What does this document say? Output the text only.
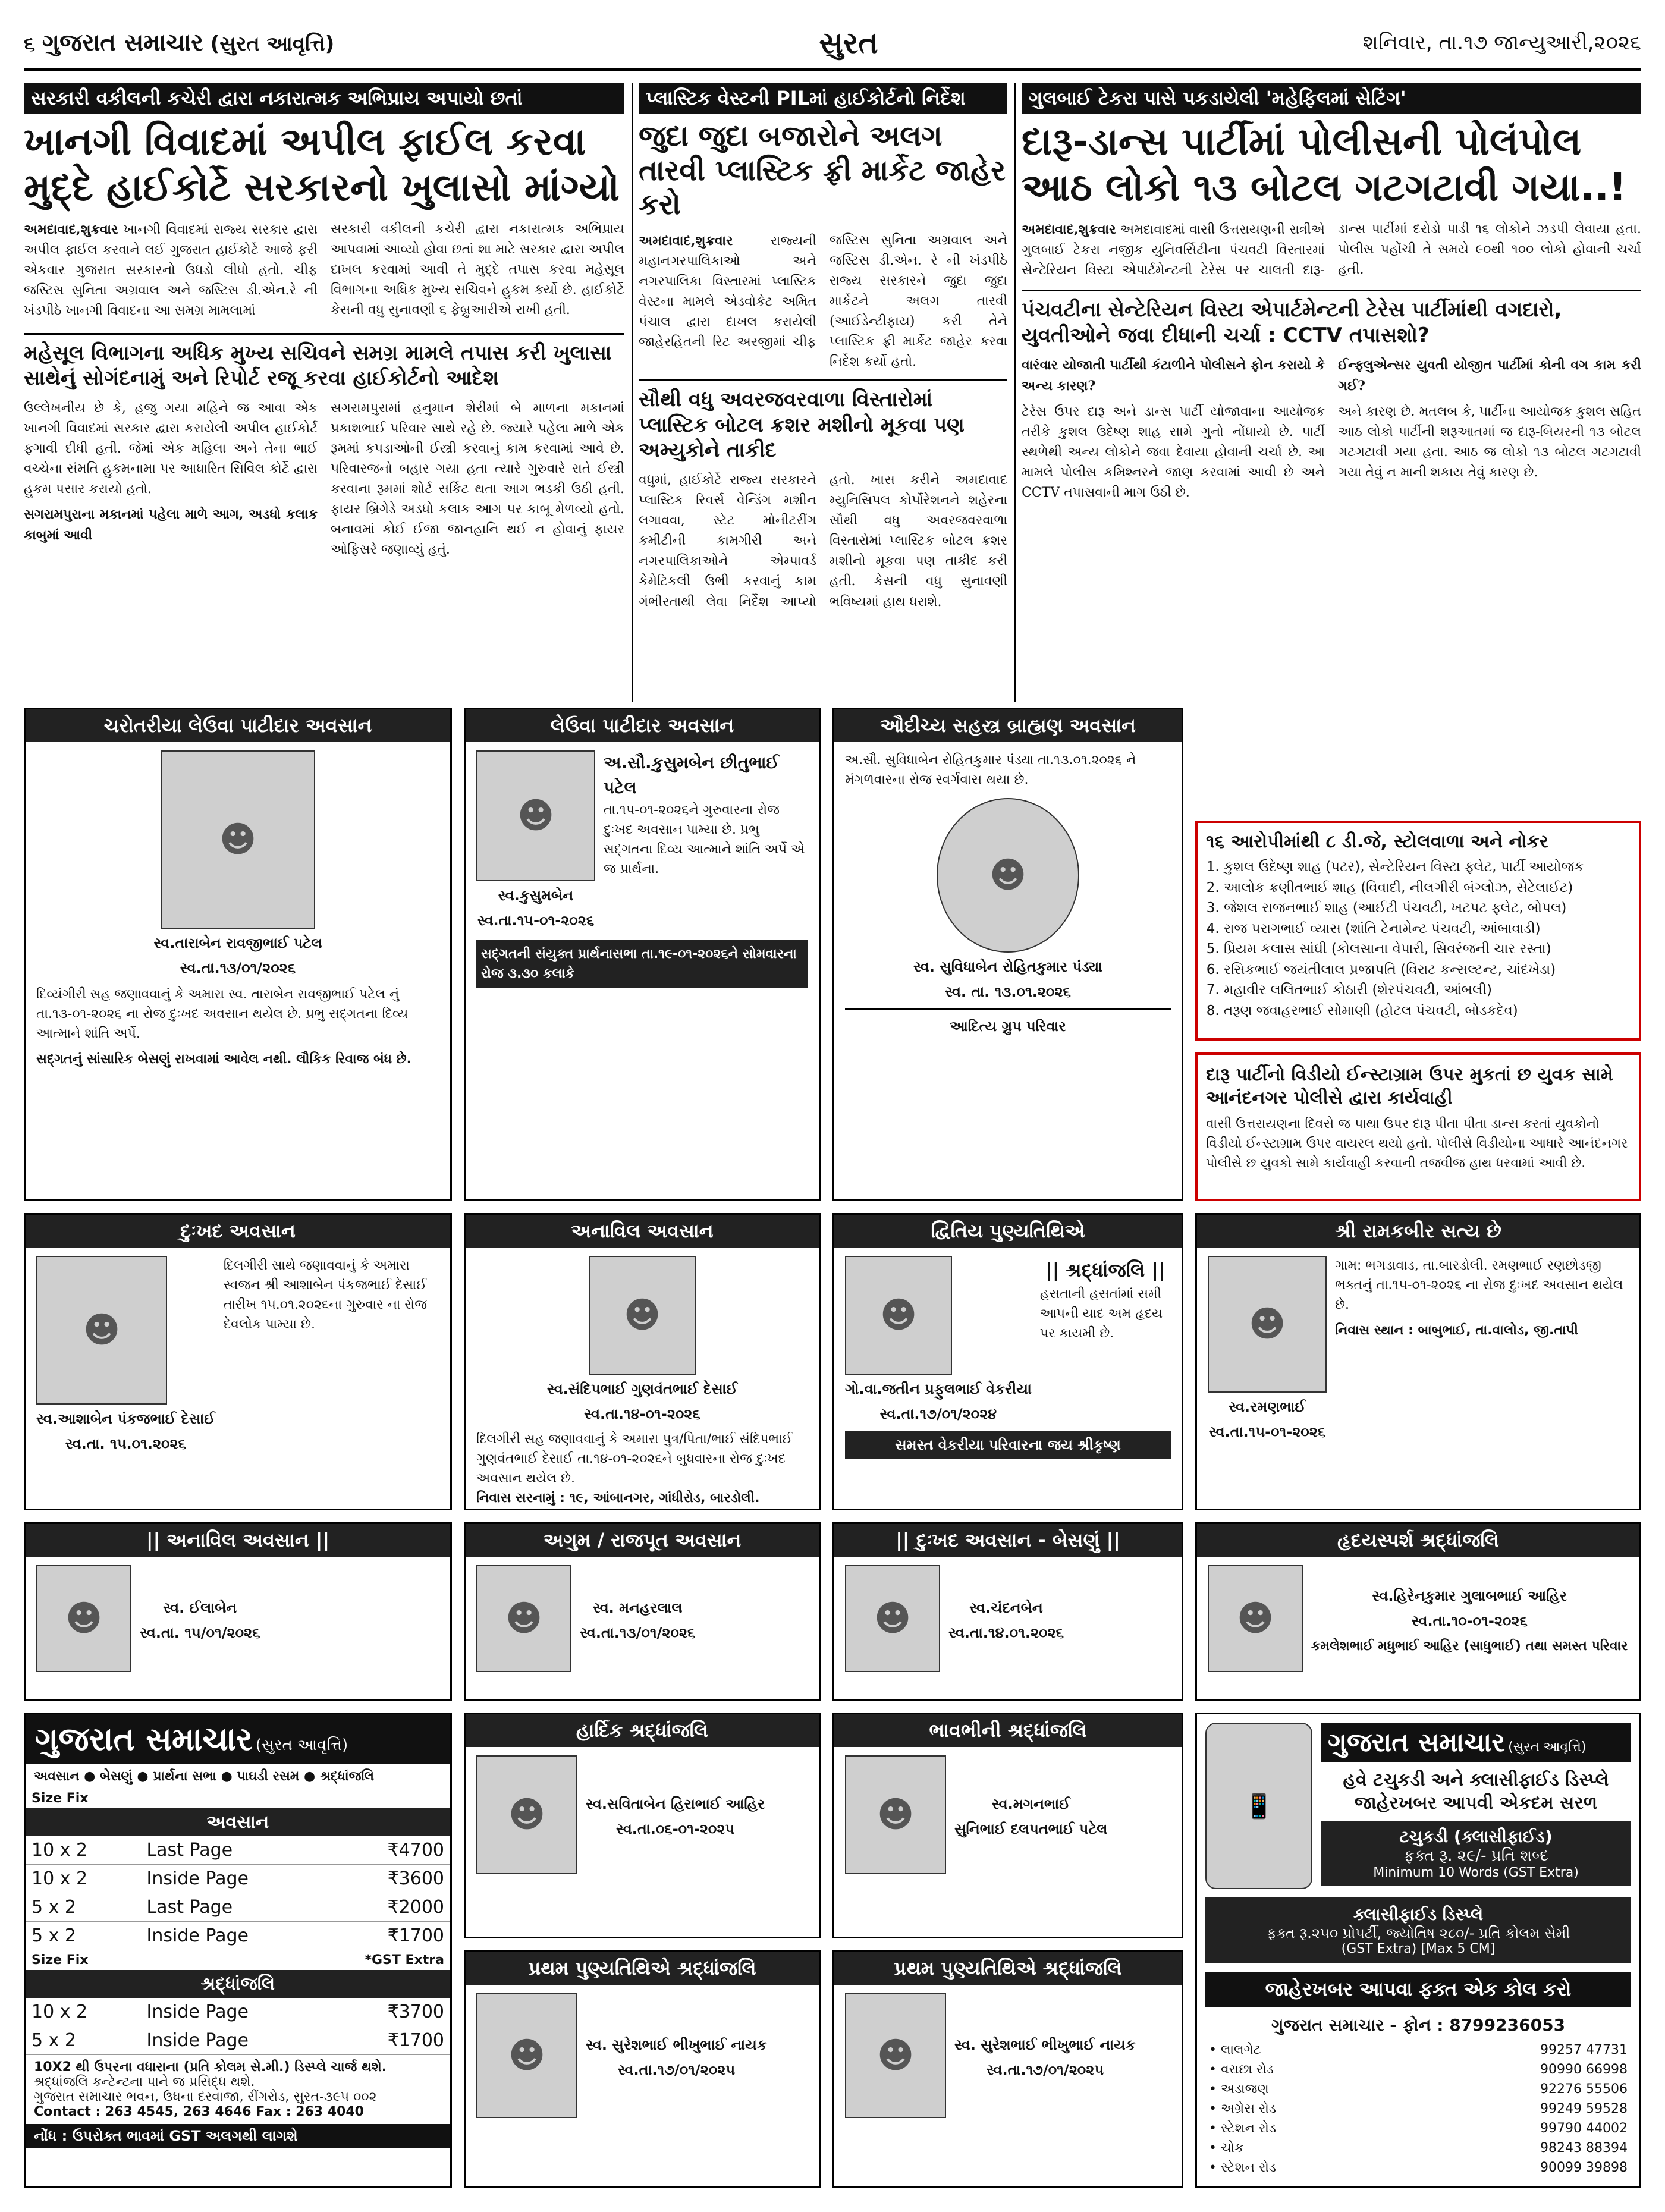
૬ ગુજરાત સમાચાર (સુરત આવૃત્તિ)	સુરત	શનિવાર, તા.૧૭ જાન્યુઆરી,૨૦૨૬
સરકારી વકીલની કચેરી દ્વારા નકારાત્મક અભિપ્રાય અપાયો છતાં
ખાનગી વિવાદમાં અપીલ ફાઈલ કરવા મુદ્દે હાઈકોર્ટે સરકારનો ખુલાસો માંગ્યો

અમદાવાદ,શુક્રવાર ખાનગી વિવાદમાં રાજ્ય સરકાર દ્વારા અપીલ ફાઈલ કરવાને લઈ ગુજરાત હાઈકોર્ટે આજે ફરી એકવાર ગુજરાત સરકારનો ઉધડો લીધો હતો. ચીફ જસ્ટિસ સુનિતા અગ્રવાલ અને જસ્ટિસ ડી.એન.રે ની ખંડપીઠે ખાનગી વિવાદના આ સમગ્ર મામલામાં

સરકારી વકીલની કચેરી દ્વારા નકારાત્મક અભિપ્રાય આપવામાં આવ્યો હોવા છતાં શા માટે સરકાર દ્વારા અપીલ દાખલ કરવામાં આવી તે મુદ્દે તપાસ કરવા મહેસૂલ વિભાગના અધિક મુખ્ય સચિવને હુકમ કર્યો છે. હાઈકોર્ટે કેસની વધુ સુનાવણી ૬ ફેબ્રુઆરીએ રાખી હતી.

મહેસૂલ વિભાગના અધિક મુખ્ય સચિવને સમગ્ર મામલે તપાસ કરી ખુલાસા સાથેનું સોગંદનામું અને રિપોર્ટ રજૂ કરવા હાઈકોર્ટનો આદેશ

ઉલ્લેખનીય છે કે, હજુ ગયા મહિને જ આવા એક ખાનગી વિવાદમાં સરકાર દ્વારા કરાયેલી અપીલ હાઈકોર્ટ ફગાવી દીધી હતી. જેમાં એક મહિલા અને તેના ભાઈ વચ્ચેના સંમતિ હુકમનામા પર આધારિત સિવિલ કોર્ટે દ્વારા હુકમ પસાર કરાયો હતો.

સગરામપુરાના મકાનમાં પહેલા માળે આગ, અડધો કલાક કાબુમાં આવી

સગરામપુરામાં હનુમાન શેરીમાં બે માળના મકાનમાં પ્રકાશભાઈ પરિવાર સાથે રહે છે. જ્યારે પહેલા માળે એક રૂમમાં કપડાઓની ઈસ્ત્રી કરવાનું કામ કરવામાં આવે છે. પરિવારજનો બહાર ગયા હતા ત્યારે ગુરુવારે રાતે ઈસ્ત્રી કરવાના રૂમમાં શોર્ટ સર્કિટ થતા આગ ભડકી ઉઠી હતી. ફાયર બ્રિગેડે અડધો કલાક આગ પર કાબૂ મેળવ્યો હતો. બનાવમાં કોઈ ઈજા જાનહાનિ થઈ ન હોવાનું ફાયર ઓફિસરે જણાવ્યું હતું.

પ્લાસ્ટિક વેસ્ટની PILમાં હાઈકોર્ટનો નિર્દેશ
જુદા જુદા બજારોને અલગ તારવી પ્લાસ્ટિક ફ્રી માર્કેટ જાહેર કરો

અમદાવાદ,શુક્રવાર	રાજ્યની મહાનગરપાલિકાઓ અને નગરપાલિકા વિસ્તારમાં પ્લાસ્ટિક વેસ્ટના મામલે એડવોકેટ અમિત પંચાલ દ્વારા દાખલ કરાયેલી જાહેરહિતની રિટ અરજીમાં ચીફ જસ્ટિસ સુનિતા અગ્રવાલ અને જસ્ટિસ ડી.એન. રે ની ખંડપીઠે રાજ્ય સરકારને જુદા જુદા માર્કેટને અલગ તારવી (આઈડેન્ટીફાય) કરી તેને પ્લાસ્ટિક ફ્રી માર્કેટ જાહેર કરવા નિર્દેશ કર્યો હતો.

સૌથી વધુ અવરજવરવાળા વિસ્તારોમાં પ્લાસ્ટિક બોટલ ક્રશર મશીનો મૂકવા પણ અમ્યુકોને તાકીદ

વધુમાં, હાઈકોર્ટે રાજ્ય સરકારને પ્લાસ્ટિક રિવર્સ વેન્ડિંગ મશીન લગાવવા, સ્ટેટ મોનીટરીંગ કમીટીની કામગીરી અને નગરપાલિકાઓને એમ્પાવર્ડ કેમેટિકલી ઉભી કરવાનું કામ ગંભીરતાથી લેવા નિર્દેશ આપ્યો હતો. ખાસ કરીને અમદાવાદ મ્યુનિસિપલ કોર્પોરેશનને શહેરના સૌથી વધુ અવરજવરવાળા વિસ્તારોમાં પ્લાસ્ટિક બોટલ ક્રશર મશીનો મૂકવા પણ તાકીદ કરી હતી. કેસની વધુ સુનાવણી ભવિષ્યમાં હાથ ધરાશે.

ગુલબાઈ ટેકરા પાસે પકડાયેલી 'મહેફિલમાં સેટિંગ'
દારૂ-ડાન્સ પાર્ટીમાં પોલીસની પોલંપોલ આઠ લોકો ૧૩ બોટલ ગટગટાવી ગયા..!

અમદાવાદ,શુક્રવાર અમદાવાદમાં વાસી ઉત્તરાયણની રાત્રીએ ગુલબાઈ ટેકરા નજીક યુનિવર્સિટીના પંચવટી વિસ્તારમાં સેન્ટેરિયન વિસ્ટા એપાર્ટમેન્ટની ટેરેસ પર ચાલતી દારૂ-ડાન્સ પાર્ટીમાં દરોડો પાડી ૧૬ લોકોને ઝડપી લેવાયા હતા. પોલીસ પહોંચી તે સમયે ૯૦થી ૧૦૦ લોકો હોવાની ચર્ચા હતી.

પંચવટીના સેન્ટેરિયન વિસ્ટા એપાર્ટમેન્ટની ટેરેસ પાર્ટીમાંથી વગદારો, યુવતીઓને જવા દીધાની ચર્ચા : CCTV તપાસશો?

વારંવાર યોજાતી પાર્ટીથી કંટાળીને પોલીસને ફોન કરાયો કે અન્ય કારણ?

ટેરેસ ઉપર દારૂ અને ડાન્સ પાર્ટી યોજાવાના આયોજક તરીકે કુશલ ઉદેષ્ણ શાહ સામે ગુનો નોંધાયો છે. પાર્ટી સ્થળેથી અન્ય લોકોને જવા દેવાયા હોવાની ચર્ચા છે. આ મામલે પોલીસ કમિશ્નરને જાણ કરવામાં આવી છે અને CCTV તપાસવાની માગ ઉઠી છે.

ઈન્ફ્લુએન્સર યુવતી યોજીત પાર્ટીમાં કોની વગ કામ કરી ગઈ?

અને કારણ છે. મતલબ કે, પાર્ટીના આયોજક કુશલ સહિત આઠ લોકો પાર્ટીની શરૂઆતમાં જ દારૂ-બિયરની ૧૩ બોટલ ગટગટાવી ગયા હતા. આઠ જ લોકો ૧૩ બોટલ ગટગટાવી ગયા તેવું ન માની શકાય તેવું કારણ છે.

ચરોતરીયા લેઉવા પાટીદાર અવસાન
☻
સ્વ.તારાબેન રાવજીભાઈ પટેલ
સ્વ.તા.૧૩/૦૧/૨૦૨૬

દિવ્યંગીરી સહ જણાવવાનું કે અમારા સ્વ. તારાબેન રાવજીભાઈ પટેલ નું તા.૧૩-૦૧-૨૦૨૬ ના રોજ દુઃખદ અવસાન થયેલ છે. પ્રભુ સદ્ગતના દિવ્ય આત્માને શાંતિ અર્પે.

સદ્ગતનું સાંસારિક બેસણું રાખવામાં આવેલ નથી. લૌકિક રિવાજ બંધ છે.

લેઉવા પાટીદાર અવસાન
☻
સ્વ.કુસુમબેન
સ્વ.તા.૧૫-૦૧-૨૦૨૬

અ.સૌ.કુસુમબેન છીતુભાઈ પટેલ

તા.૧૫-૦૧-૨૦૨૬ને ગુરુવારના રોજ દુઃખદ અવસાન પામ્યા છે. પ્રભુ સદ્ગતના દિવ્ય આત્માને શાંતિ અર્પે એ જ પ્રાર્થના.

સદ્ગતની સંયુક્ત પ્રાર્થનાસભા તા.૧૯-૦૧-૨૦૨૬ને સોમવારના રોજ ૩.૩૦ કલાકે

ઔદીચ્ય સહસ્ત્ર બ્રાહ્મણ અવસાન

અ.સૌ. સુવિધાબેન રોહિતકુમાર પંડ્યા તા.૧૩.૦૧.૨૦૨૬ ને મંગળવારના રોજ સ્વર્ગવાસ થયા છે.

☻
સ્વ. સુવિધાબેન રોહિતકુમાર પંડ્યા
સ્વ. તા. ૧૩.૦૧.૨૦૨૬
આદિત્ય ગ્રુપ પરિવાર
૧૬ આરોપીમાંથી ૮ ડી.જે, સ્ટોલવાળા અને નોકર
1. કુશલ ઉદેષ્ણ શાહ (પટર), સેન્ટેરિયન વિસ્ટા ફ્લેટ, પાર્ટી આયોજક
2. આલોક ક્રણીતભાઈ શાહ (વિવાદી, નીલગીરી બંગ્લોઝ, સેટેલાઈટ)
3. જેશલ રાજનભાઈ શાહ (આઈટી પંચવટી, ખટપટ ફ્લેટ, બોપલ)
4. રાજ પરાગભાઈ વ્યાસ (શાંતિ ટેનામેન્ટ પંચવટી, આંબાવાડી)
5. પ્રિયમ કલાસ સાંઘી (કોલસાના વેપારી, સિવરંજની ચાર રસ્તા)
6. રસિકભાઈ જયંતીલાલ પ્રજાપતિ (વિરાટ કન્સલ્ટન્ટ, ચાંદખેડા)
7. મહાવીર લલિતભાઈ કોઠારી (શેરપંચવટી, આંબલી)
8. તરૂણ જવાહરભાઈ સોમાણી (હોટલ પંચવટી, બોડકદેવ)
દારૂ પાર્ટીનો વિડીયો ઈન્સ્ટાગ્રામ ઉપર મુકતાં છ યુવક સામે આનંદનગર પોલીસે દ્વારા કાર્યવાહી

વાસી ઉત્તરાયણના દિવસે જ પાથા ઉપર દારૂ પીતા પીતા ડાન્સ કરતાં યુવકોનો વિડીયો ઈન્સ્ટાગ્રામ ઉપર વાયરલ થયો હતો. પોલીસે વિડીયોના આધારે આનંદનગર પોલીસે છ યુવકો સામે કાર્યવાહી કરવાની તજવીજ હાથ ધરવામાં આવી છે.

દુઃખદ અવસાન
☻
સ્વ.આશાબેન પંકજભાઈ દેસાઈ
સ્વ.તા. ૧૫.૦૧.૨૦૨૬

દિલગીરી સાથે જણાવવાનું કે અમારા સ્વજન શ્રી આશાબેન પંકજભાઈ દેસાઈ તારીખ ૧૫.૦૧.૨૦૨૬ના ગુરુવાર ના રોજ દેવલોક પામ્યા છે.

અનાવિલ અવસાન
☻
સ્વ.સંદિપભાઈ ગુણવંતભાઈ દેસાઈ
સ્વ.તા.૧૪-૦૧-૨૦૨૬

દિલગીરી સહ જણાવવાનું કે અમારા પુત્ર/પિતા/ભાઈ સંદિપભાઈ ગુણવંતભાઈ દેસાઈ તા.૧૪-૦૧-૨૦૨૬ને બુધવારના રોજ દુઃખદ અવસાન થયેલ છે.

નિવાસ સરનામું : ૧૯, આંબાનગર, ગાંધીરોડ, બારડોલી.

દ્વિતિય પુણ્યતિથિએ
☻
ગો.વા.જતીન પ્રફુલભાઈ વેકરીયા
સ્વ.તા.૧૭/૦૧/૨૦૨૪

|| શ્રદ્ધાંજલિ ||

હસતાની હસતાંમાં સમી આપની યાદ અમ હૃદય પર કાયમી છે.

સમસ્ત વેકરીયા પરિવારના જય શ્રીકૃષ્ણ
શ્રી રામકબીર સત્ય છે
☻
સ્વ.રમણભાઈ
સ્વ.તા.૧૫-૦૧-૨૦૨૬

ગામ: ભગડાવાડ, તા.બારડોલી. રમણભાઈ રણછોડજી ભક્તનું તા.૧૫-૦૧-૨૦૨૬ ના રોજ દુઃખદ અવસાન થયેલ છે.

નિવાસ સ્થાન : બાબુભાઈ, તા.વાલોડ, જી.તાપી

|| અનાવિલ અવસાન ||
☻	સ્વ. ઈલાબેન
સ્વ.તા. ૧૫/૦૧/૨૦૨૬
અગુમ / રાજપૂત અવસાન
☻	સ્વ. મનહરલાલ
સ્વ.તા.૧૩/૦૧/૨૦૨૬
|| દુઃખદ અવસાન - બેસણું ||
☻	સ્વ.ચંદનબેન
સ્વ.તા.૧૪.૦૧.૨૦૨૬
હૃદયસ્પર્શ શ્રદ્ધાંજલિ
☻
સ્વ.હિરેનકુમાર ગુલાબભાઈ આહિર
સ્વ.તા.૧૦-૦૧-૨૦૨૬

કમલેશભાઈ મધુભાઈ આહિર (સાધુભાઈ) તથા સમસ્ત પરિવાર

ગુજરાત સમાચાર (સુરત આવૃત્તિ)
અવસાન ● બેસણું ● પ્રાર્થના સભા ● પાઘડી રસમ ● શ્રદ્ધાંજલિ
Size Fix
અવસાન
10 x 2	Last Page	₹4700
10 x 2	Inside Page	₹3600
5 x 2	Last Page	₹2000
5 x 2	Inside Page	₹1700
Size Fix	*GST Extra
શ્રદ્ધાંજલિ
10 x 2	Inside Page	₹3700
5 x 2	Inside Page	₹1700

10X2 થી ઉપરના વધારાના (પ્રતિ કોલમ સે.મી.) ડિસ્પ્લે ચાર્જ થશે.

શ્રદ્ધાંજલિ કન્ટેન્ટના પાને જ પ્રસિદ્ધ થશે.

ગુજરાત સમાચાર ભવન, ઉધના દરવાજા, રીંગરોડ, સુરત-૩૯૫ ૦૦૨

Contact : 263 4545, 263 4646 Fax : 263 4040

નોંધ : ઉપરોક્ત ભાવમાં GST અલગથી લાગશે
હાર્દિક શ્રદ્ધાંજલિ
☻	સ્વ.સવિતાબેન હિરાભાઈ આહિર
સ્વ.તા.૦૬-૦૧-૨૦૨૫
ભાવભીની શ્રદ્ધાંજલિ
☻	સ્વ.મગનભાઈ
સુનિભાઈ દલપતભાઈ પટેલ
પ્રથમ પુણ્યતિથિએ શ્રદ્ધાંજલિ
☻	સ્વ. સુરેશભાઈ ભીખુભાઈ નાયક
સ્વ.તા.૧૭/૦૧/૨૦૨૫
પ્રથમ પુણ્યતિથિએ શ્રદ્ધાંજલિ
☻	સ્વ. સુરેશભાઈ ભીખુભાઈ નાયક
સ્વ.તા.૧૭/૦૧/૨૦૨૫
📱
ગુજરાત સમાચાર (સુરત આવૃત્તિ)

હવે ટચુકડી અને ક્લાસીફાઈડ ડિસ્પ્લે જાહેરખબર આપવી એકદમ સરળ

ટચુકડી (ક્લાસીફાઈડ)

ફક્ત રૂ. ૨૯/- પ્રતિ શબ્દ

Minimum 10 Words (GST Extra)

ક્લાસીફાઈડ ડિસ્પ્લે

ફક્ત રૂ.૨૫૦ પ્રોપર્ટી, જ્યોતિષ ૨૮૦/- પ્રતિ કોલમ સેમી

(GST Extra) [Max 5 CM]

જાહેરખબર આપવા ફક્ત એક કોલ કરો

ગુજરાત સમાચાર - ફોન : 8799236053

• લાલગેટ	99257 47731
• વરાછા રોડ	90990 66998
• અડાજણ	92276 55506
• અગ્રેસ રોડ	99249 59528
• સ્ટેશન રોડ	99790 44002
• ચોક	98243 88394
• સ્ટેશન રોડ	90099 39898
